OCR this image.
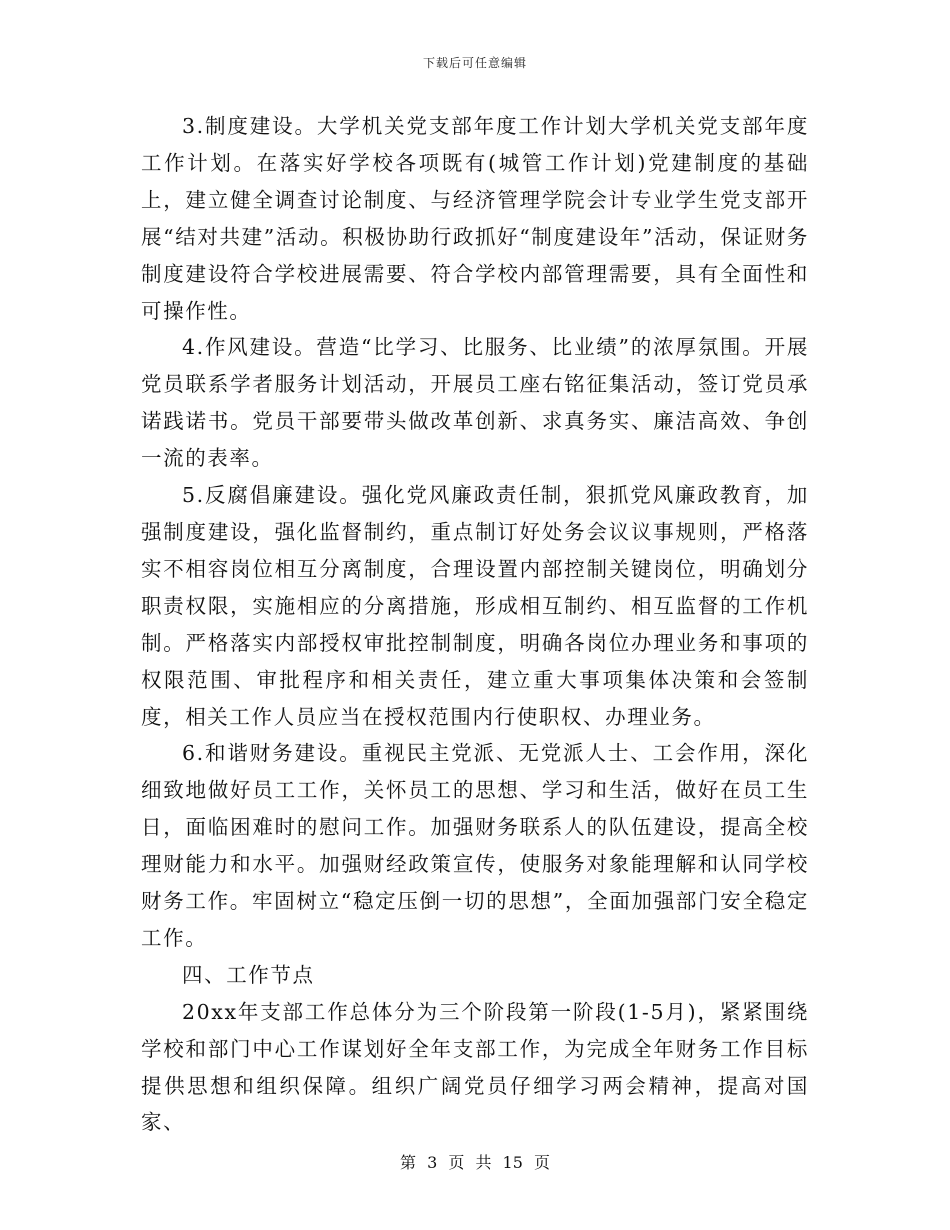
下载后可任意编辑

3.制度建设。大学机关党支部年度工作计划大学机关党支部年度工作计划。在落实好学校各项既有(城管工作计划)党建制度的基础上，建立健全调查讨论制度、与经济管理学院会计专业学生党支部开展“结对共建”活动。积极协助行政抓好“制度建设年”活动，保证财务制度建设符合学校进展需要、符合学校内部管理需要，具有全面性和可操作性。

4.作风建设。营造“比学习、比服务、比业绩”的浓厚氛围。开展党员联系学者服务计划活动，开展员工座右铭征集活动，签订党员承诺践诺书。党员干部要带头做改革创新、求真务实、廉洁高效、争创一流的表率。

5.反腐倡廉建设。强化党风廉政责任制，狠抓党风廉政教育，加强制度建设，强化监督制约，重点制订好处务会议议事规则，严格落实不相容岗位相互分离制度，合理设置内部控制关键岗位，明确划分职责权限，实施相应的分离措施，形成相互制约、相互监督的工作机制。严格落实内部授权审批控制制度，明确各岗位办理业务和事项的权限范围、审批程序和相关责任，建立重大事项集体决策和会签制度，相关工作人员应当在授权范围内行使职权、办理业务。

6.和谐财务建设。重视民主党派、无党派人士、工会作用，深化细致地做好员工工作，关怀员工的思想、学习和生活，做好在员工生日，面临困难时的慰问工作。加强财务联系人的队伍建设，提高全校理财能力和水平。加强财经政策宣传，使服务对象能理解和认同学校财务工作。牢固树立“稳定压倒一切的思想”，全面加强部门安全稳定工作。

四、工作节点

20xx年支部工作总体分为三个阶段第一阶段(1-5月)，紧紧围绕学校和部门中心工作谋划好全年支部工作，为完成全年财务工作目标提供思想和组织保障。组织广阔党员仔细学习两会精神，提高对国家、

第 3 页 共 15 页
